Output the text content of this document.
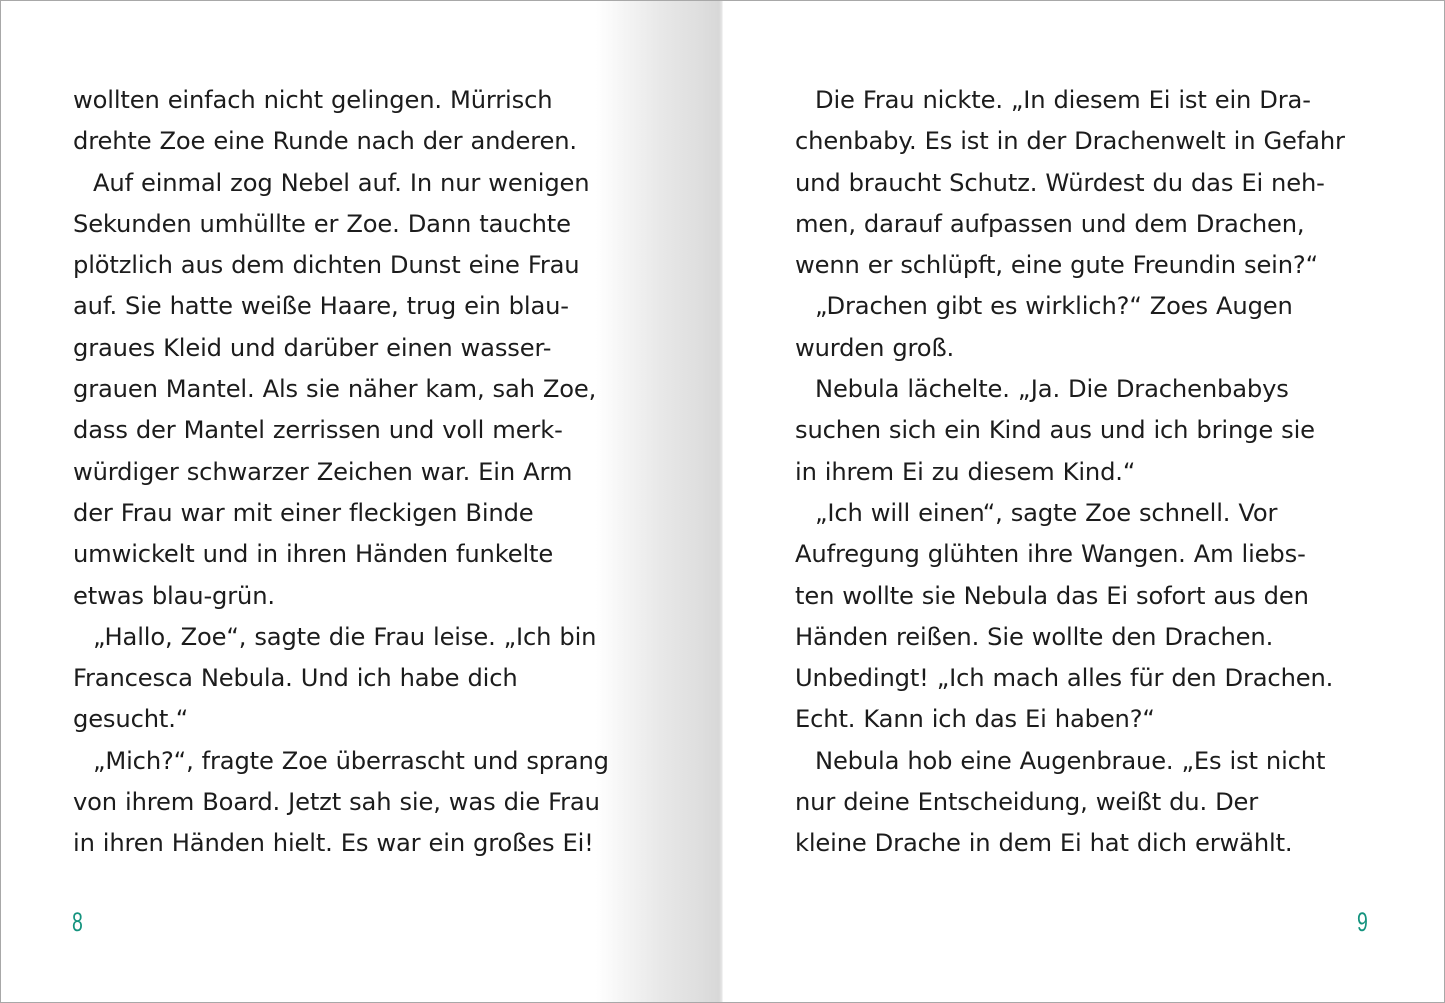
wollten einfach nicht gelingen. Mürrisch
drehte Zoe eine Runde nach der anderen.
Auf einmal zog Nebel auf. In nur wenigen
Sekunden umhüllte er Zoe. Dann tauchte
plötzlich aus dem dichten Dunst eine Frau
auf. Sie hatte weiße Haare, trug ein blau-
graues Kleid und darüber einen wasser-
grauen Mantel. Als sie näher kam, sah Zoe,
dass der Mantel zerrissen und voll merk-
würdiger schwarzer Zeichen war. Ein Arm
der Frau war mit einer fleckigen Binde
umwickelt und in ihren Händen funkelte
etwas blau-grün.
„Hallo, Zoe“, sagte die Frau leise. „Ich bin
Francesca Nebula. Und ich habe dich
gesucht.“
„Mich?“, fragte Zoe überrascht und sprang
von ihrem Board. Jetzt sah sie, was die Frau
in ihren Händen hielt. Es war ein großes Ei!
8
Die Frau nickte. „In diesem Ei ist ein Dra-
chenbaby. Es ist in der Drachenwelt in Gefahr
und braucht Schutz. Würdest du das Ei neh-
men, darauf aufpassen und dem Drachen,
wenn er schlüpft, eine gute Freundin sein?“
„Drachen gibt es wirklich?“ Zoes Augen
wurden groß.
Nebula lächelte. „Ja. Die Drachenbabys
suchen sich ein Kind aus und ich bringe sie
in ihrem Ei zu diesem Kind.“
„Ich will einen“, sagte Zoe schnell. Vor
Aufregung glühten ihre Wangen. Am liebs-
ten wollte sie Nebula das Ei sofort aus den
Händen reißen. Sie wollte den Drachen.
Unbedingt! „Ich mach alles für den Drachen.
Echt. Kann ich das Ei haben?“
Nebula hob eine Augenbraue. „Es ist nicht
nur deine Entscheidung, weißt du. Der
kleine Drache in dem Ei hat dich erwählt.
9
